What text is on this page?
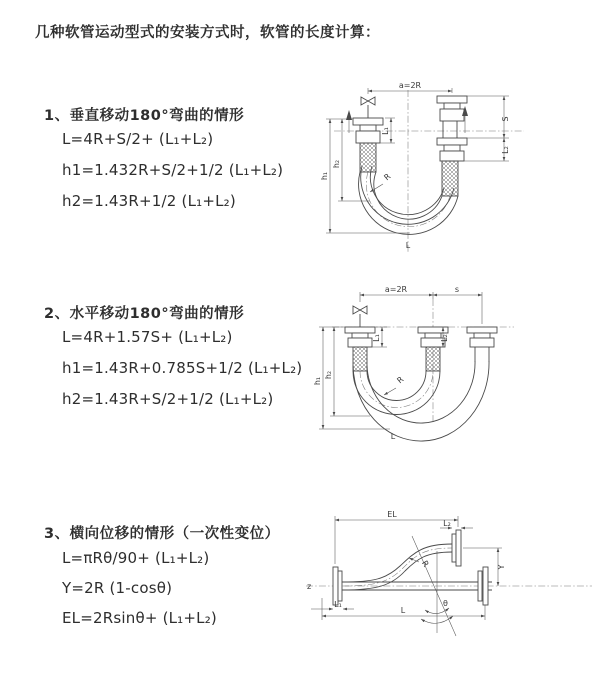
几种软管运动型式的安装方式时，软管的长度计算：
1、垂直移动180°弯曲的情形
L=4R+S/2+ (L₁+L₂)
h1=1.432R+S/2+1/2 (L₁+L₂)
h2=1.43R+1/2 (L₁+L₂)
2、水平移动180°弯曲的情形
L=4R+1.57S+ (L₁+L₂)
h1=1.43R+0.785S+1/2 (L₁+L₂)
h2=1.43R+S/2+1/2 (L₁+L₂)
3、横向位移的情形（一次性变位）
L=πRθ/90+ (L₁+L₂)
Y=2R (1-cosθ)
EL=2Rsinθ+ (L₁+L₂)
a=2R
h₁
h₂
L₁
S
L₂
R
L
a=2R	s
h₁
h₂
L₁	L₂
R
L
z
EL
L₂
Y
L
L₁	θ
R
